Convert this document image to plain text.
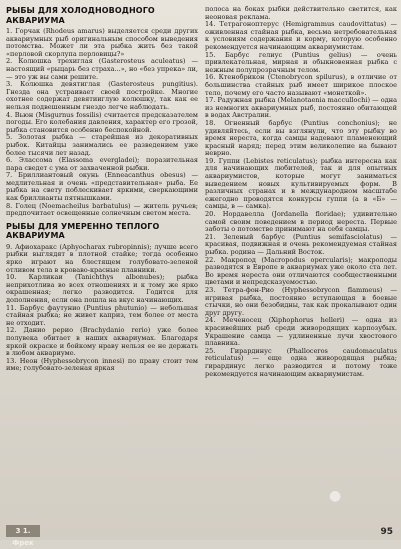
РЫБЫ ДЛЯ ХОЛОДНОВОДНОГО АКВАРИУМА

1. Горчак (Rhodeus amarus) выделяется среди других аквариумных рыб оригинальным способом выведения потомства. Может ли эта рыбка жить без такой «перловой скорлупа перловицы?»

2. Колюшка трехиглая (Gasterosteus aculeatus) — настоящий «рыцарь без страха...», но «без упрека» ли, — это уж вы сами решите.

3. Колюшка девятиглая (Gasterosteus pungitius). Гнезда она устраивает своей постройке. Многие охотнее содержат девятииглую колюшку, так как ее нельзя подвешенным гнездо легче наблюдать.

4. Вьюн (Misgurnus fossilis) считается предсказателем погоды. Его колебания давления, характер его грозой, рыбка становится особенно беспокойной.

5. Золотая рыбка — старейшая из декоративных рыбок. Китайцы занимались ее разведением уже более тысячи лет назад.

6. Элассома (Elassoma evergladei); поразительная пара сведет с ума от захваченной рыбки.

7. Бриллиантовый окунь (Enneacanthus obesus) — медлительная и очень «представительная» рыба. Ее рыбка на свету поблескивает яркими, сверкающими как бриллианты пятнышками.

8. Голец (Noemacheilus barbatulus) — житель ручьев; предпочитает освещенные солнечным светом места.

РЫБЫ ДЛЯ УМЕРЕННО ТЕПЛОГО АКВАРИУМА

9. Афиохаракс (Aphyocharax rubropinnis); лучше всего рыбки выглядят в плотной стайке; тогда особенно ярко играют на блестящем голубовато-зеленой отливом тела в кроваво-красные плавники.

10. Карликаи (Tanichthys albonubes); рыбка неприхотлива во всех отношениях и к тому же ярко окрашенная; легко разводится. Годится для дополнения, если она пошла на вкус начинающих.

11. Барбус фаутунио (Puntius phutunio) — небольшая стайная рыбка; не живет каприз, тем более от места не отходит.

12. Данио рерио (Brachydanio rerio) уже более полувека обитает в наших аквариумах. Благодаря яркой окраске и бойкому нраву нельзя ее не держать в любом аквариуме.

13. Неон (Hyphessobrycon innesi) по праву стоит тем име; голубовато-зеленая яркая

полоса на боках рыбки действительно светится, как неоновая реклама.

14. Тетрагоноптерус (Hemigrammus caudovittatus) — оживленная стайная рыбка, весьма нетребовательная к условиям содержания и корму, которую особенно рекомендуется начинающим аквариумистам.

15. Барбус гелиус (Puntius gelius) — очень привлекательная, мирная и обыкновенная рыбка с нежным полупрозрачным телом.

16. Ктенобрикон (Ctenobrycon spilurus), в отличие от большинства стайных рыб имеет ширикое плоское тело, почему его часто называют «монеткой».

17. Радужная рыбка (Melanotaenia maccullochi) — одна из немногих аквариумных рыб, постоянно обитающей в водах Австралии.

18. Огненный барбус (Puntius conchonius); не удивляйтесь, если вы взглянули, что эту рыбку во время нереста, когда самцы надевают пламенеющий красный наряд; перед этим великолепие на бывают неврно.

19. Гуппи (Lebistes reticulatus); рыбка интересна как для начинающих любителей, так и для опытных аквариумистов, которые могут заниматься выведением новых культивируемых форм. В различных странах и в международном масштабе ежегодно проводятся конкурсы гуппи (а в «Б» — самцы, в — самка).

20. Нордавелла (Jordanella floridae); удивительно самой своим поведением в период нереста. Первые заботы о потомстве принимают на себя самцы.

21. Зеленый барбус (Puntius semifasciolatus) — красивая, подвижная и очень рекомендуемая стайная рыбка. родина — Дальний Восток.

22. Макропод (Macropodus opercularis); макроподы разводятся в Европе в аквариумах уже около ста лет. Во время нереста они отличаются сообщественными цветами и непредсказуемостью.

23. Тетра-фон-Рио (Hyphessobrycon flammeus) — игривая рыбка, постоянно вступающая в боевые стычки, но они безобидны, так как прокалывают один друг другу.

24. Меченосец (Xiphophorus helleri) — одна из красивейших рыб среди живородящих карпозубых. Украшение самца — удлиненные лучи хвостового плавника.

25. Гирардинус (Phalloceros caudomaculatus reticulatus) — еще одна живородящая рыбка; гирардинус легко разводится и потому тоже рекомендуется начинающим аквариумистам.

●
3 1. Фрек
95
